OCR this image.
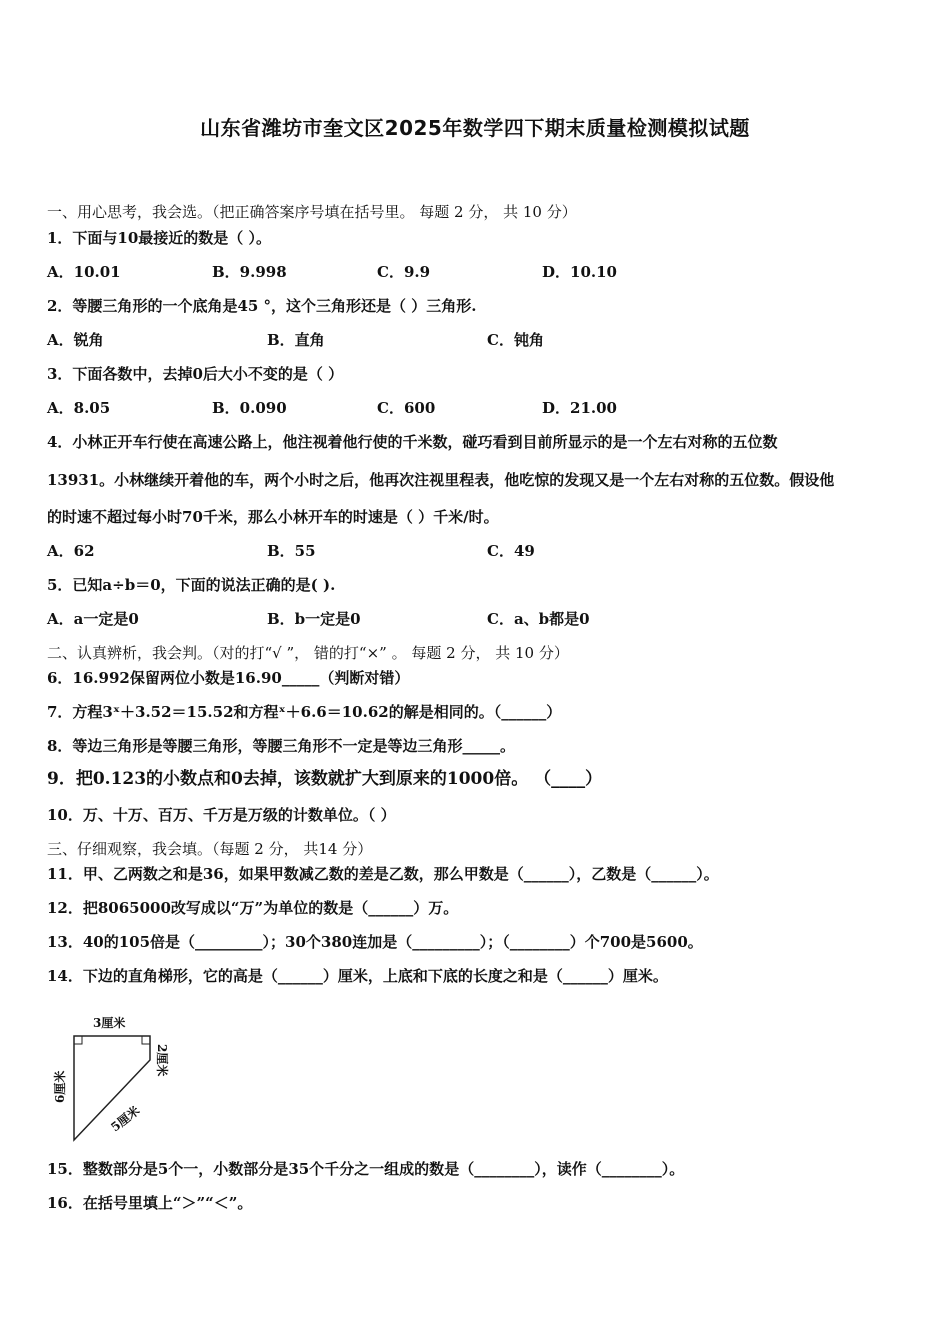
山东省潍坊市奎文区2025年数学四下期末质量检测模拟试题
一、用心思考，我会选。（把正确答案序号填在括号里。 每题 2 分， 共 10 分）
1．下面与10最接近的数是（ ）。
A．10.01	B．9.998	C．9.9	D．10.10
2．等腰三角形的一个底角是45 °，这个三角形还是（ ）三角形.
A．锐角	B．直角	C．钝角
3．下面各数中，去掉0后大小不变的是（ ）
A．8.05	B．0.090	C．600	D．21.00
4．小林正开车行使在高速公路上，他注视着他行使的千米数，碰巧看到目前所显示的是一个左右对称的五位数
13931。小林继续开着他的车，两个小时之后，他再次注视里程表，他吃惊的发现又是一个左右对称的五位数。假设他
的时速不超过每小时70千米，那么小林开车的时速是（ ）千米/时。
A．62	B．55	C．49
5．已知a÷b＝0，下面的说法正确的是( ).
A．a一定是0	B．b一定是0	C．a、b都是0
二、认真辨析，我会判。（对的打“√ ”， 错的打“×” 。 每题 2 分， 共 10 分）
6．16.992保留两位小数是16.90_____（判断对错）
7．方程3ˣ＋3.52＝15.52和方程ˣ＋6.6＝10.62的解是相同的。（______）
8．等边三角形是等腰三角形，等腰三角形不一定是等边三角形_____。
9．把0.123的小数点和0去掉，该数就扩大到原来的1000倍。 （____）
10．万、十万、百万、千万是万级的计数单位。（ ）
三、仔细观察，我会填。（每题 2 分， 共14 分）
11．甲、乙两数之和是36，如果甲数减乙数的差是乙数，那么甲数是（______），乙数是（______）。
12．把8065000改写成以“万”为单位的数是（______）万。
13．40的105倍是（_________）；30个380连加是（_________）；（________）个700是5600。
14．下边的直角梯形，它的高是（______）厘米，上底和下底的长度之和是（______）厘米。
3厘米
6厘米
2厘米
5厘米
15．整数部分是5个一，小数部分是35个千分之一组成的数是（________），读作（________）。
16．在括号里填上“＞”“＜”。
